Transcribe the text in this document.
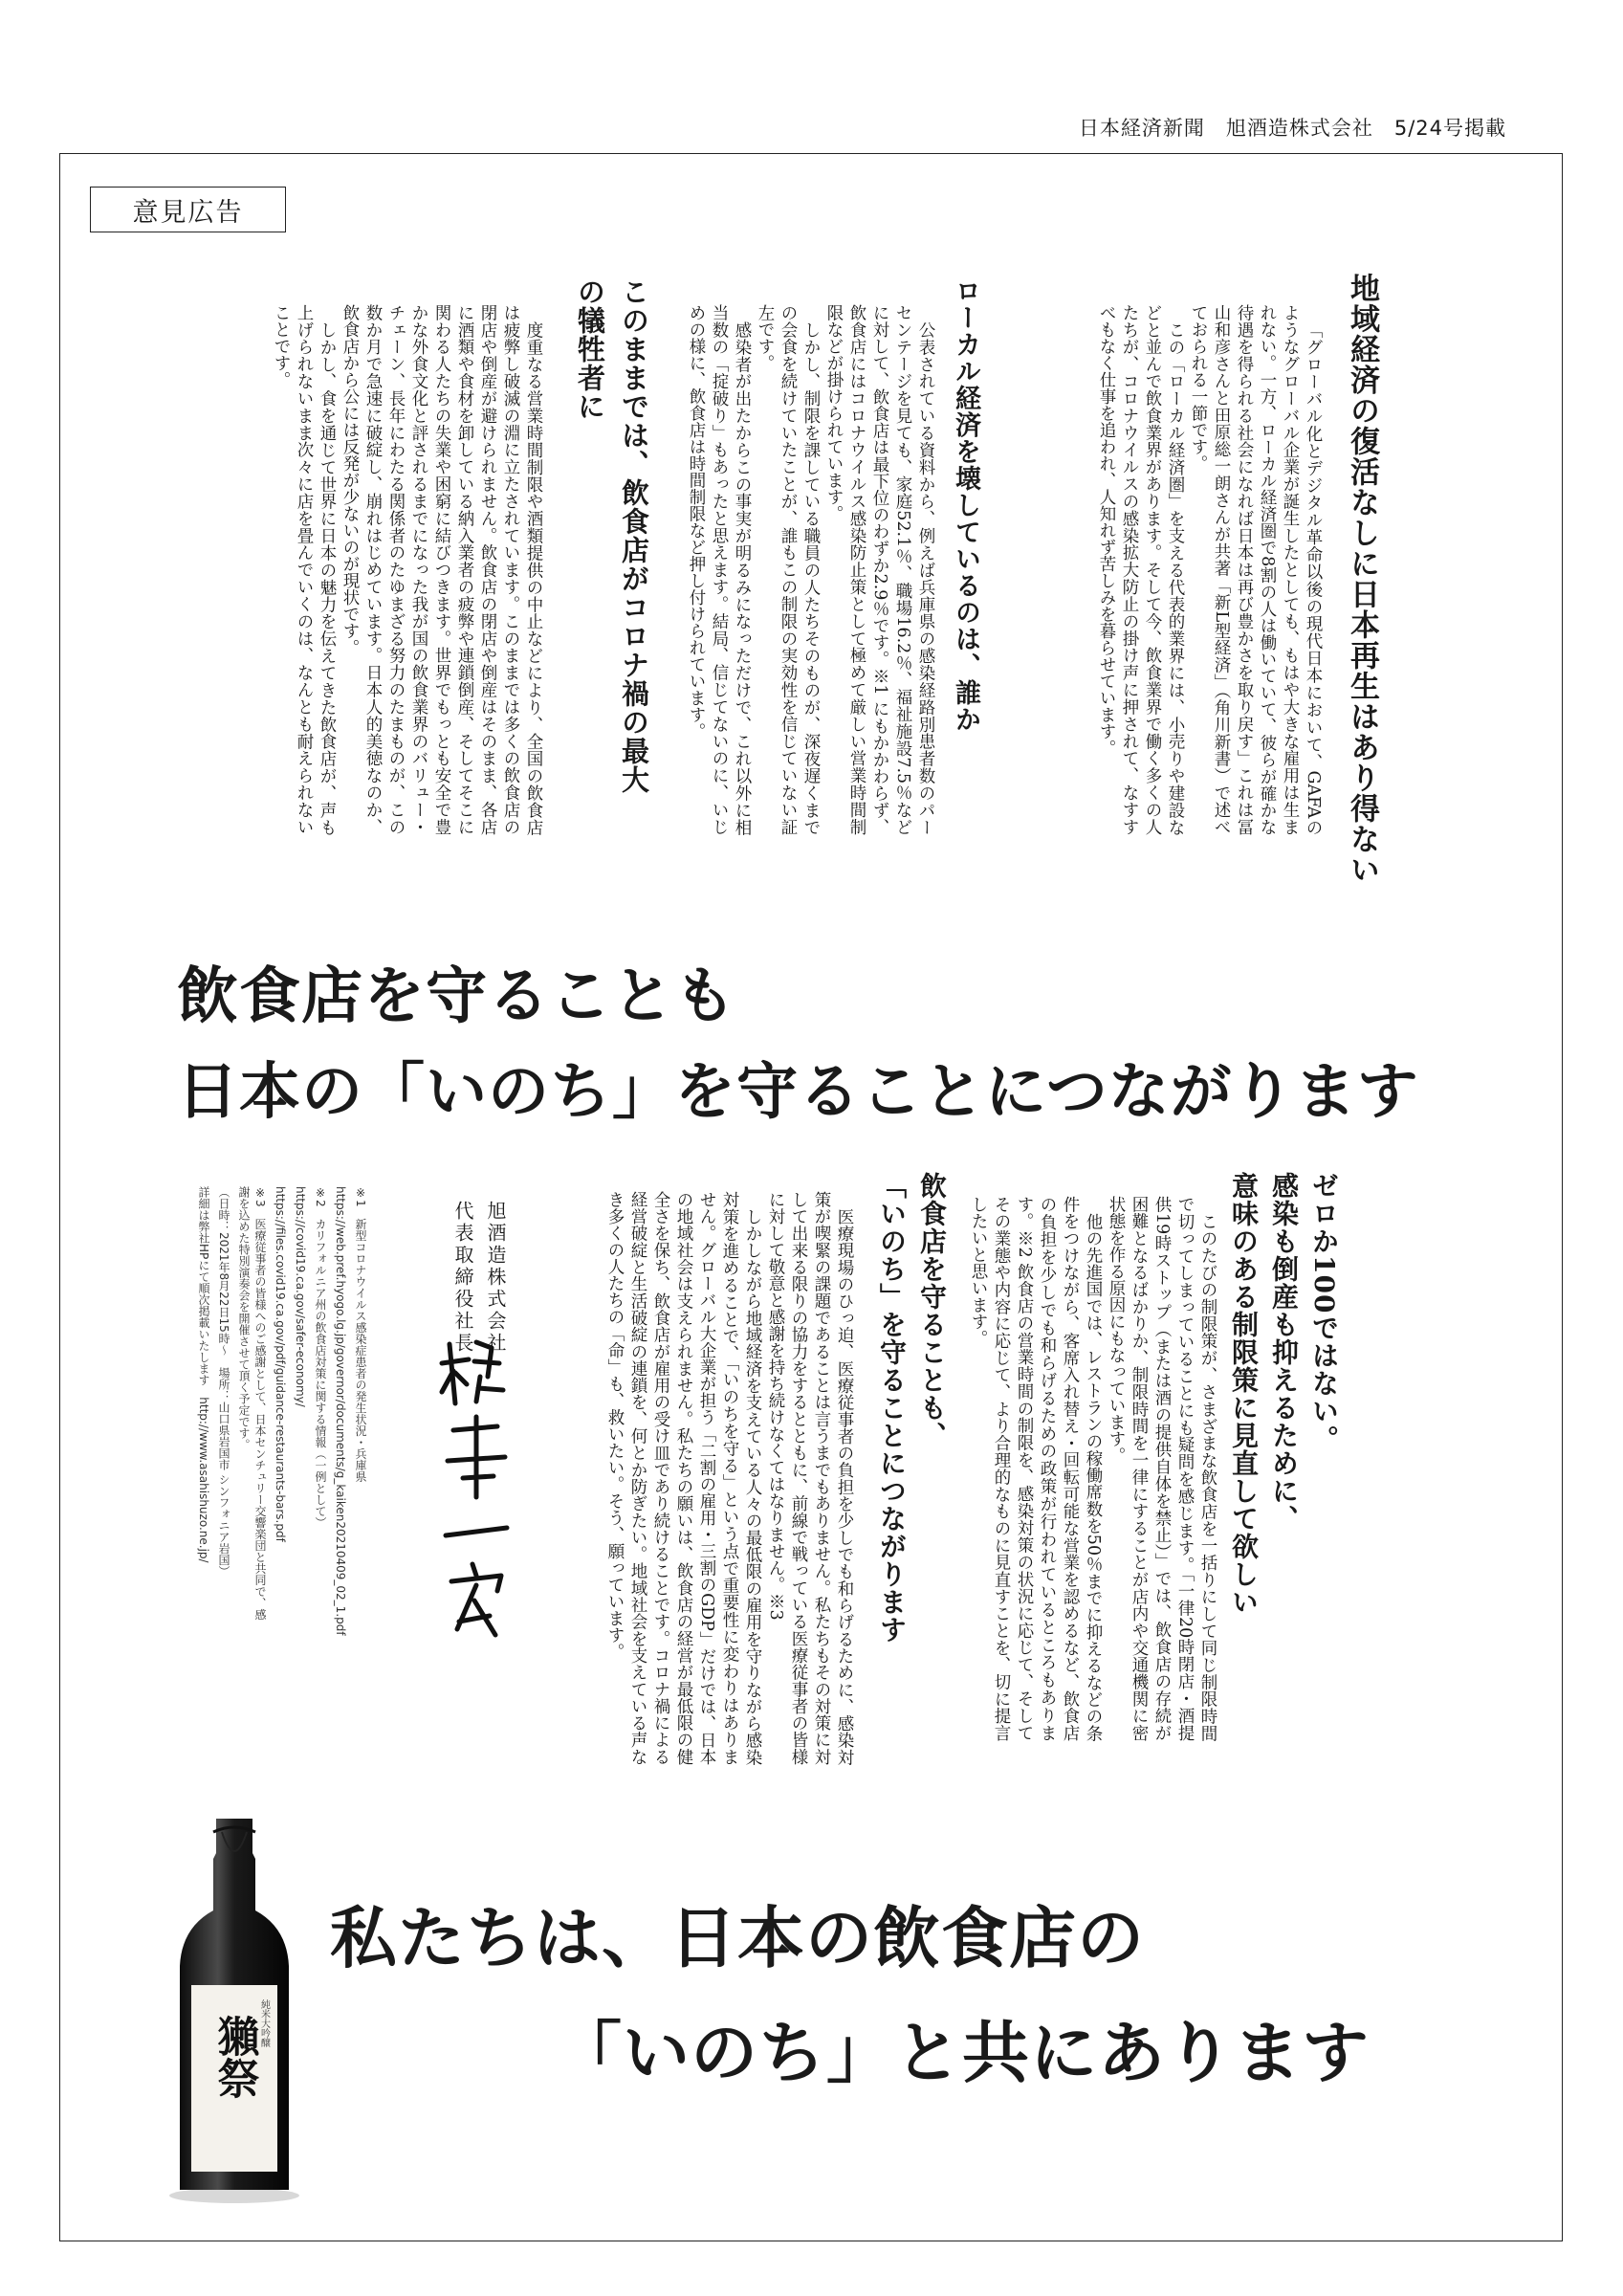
日本経済新聞　旭酒造株式会社　5/24号掲載
意見広告
地域経済の復活なしに日本再生はあり得ない

「グローバル化とデジタル革命以後の現代日本において、GAFAのようなグローバル企業が誕生したとしても、もはや大きな雇用は生まれない。一方、ローカル経済圏で8割の人は働いていて、彼らが確かな待遇を得られる社会になれば日本は再び豊かさを取り戻す」これは冨山和彦さんと田原総一朗さんが共著「新L型経済」（角川新書）で述べておられる一節です。

この「ローカル経済圏」を支える代表的業界には、小売りや建設などと並んで飲食業界があります。そして今、飲食業界で働く多くの人たちが、コロナウイルスの感染拡大防止の掛け声に押されて、なすすべもなく仕事を追われ、人知れず苦しみを暮らせています。

ローカル経済を壊しているのは、誰か

公表されている資料から、例えば兵庫県の感染経路別患者数のパーセンテージを見ても、家庭52.1％、職場16.2％、福祉施設7.5％などに対して、飲食店は最下位のわずか2.9％です。※1 にもかかわらず、飲食店にはコロナウイルス感染防止策として極めて厳しい営業時間制限などが掛けられています。

しかし、制限を課している職員の人たちそのものが、深夜遅くまでの会食を続けていたことが、誰もこの制限の実効性を信じていない証左です。

感染者が出たからこの事実が明るみになっただけで、これ以外に相当数の「掟破り」もあったと思えます。結局、信じてないのに、いじめの様に、飲食店は時間制限など押し付けられています。

このままでは、飲食店がコロナ禍の最大の犠牲者に

度重なる営業時間制限や酒類提供の中止などにより、全国の飲食店は疲弊し破滅の淵に立たされています。このままでは多くの飲食店の閉店や倒産が避けられません。飲食店の閉店や倒産はそのまま、各店に酒類や食材を卸している納入業者の疲弊や連鎖倒産、そしてそこに関わる人たちの失業や困窮に結びつきます。世界でもっとも安全で豊かな外食文化と評されるまでになった我が国の飲食業界のバリュー・チェーン、長年にわたる関係者のたゆまざる努力のたまものが、この数か月で急速に破綻し、崩れはじめています。日本人的美徳なのか、飲食店から公には反発が少ないのが現状です。

しかし、食を通じて世界に日本の魅力を伝えてきた飲食店が、声も上げられないまま次々に店を畳んでいくのは、なんとも耐えられないことです。

飲食店を守ることも
日本の「いのち」を守ることにつながります
ゼロか100ではない。
感染も倒産も抑えるために、
意味のある制限策に見直して欲しい

このたびの制限策が、さまざまな飲食店を一括りにして同じ制限時間で切ってしまっていることにも疑問を感じます。「一律20時閉店・酒提供19時ストップ（または酒の提供自体を禁止）」では、飲食店の存続が困難となるばかりか、制限時間を一律にすることが店内や交通機関に密状態を作る原因にもなっています。

他の先進国では、レストランの稼働席数を50％までに抑えるなどの条件をつけながら、客席入れ替え・回転可能な営業を認めるなど、飲食店の負担を少しでも和らげるための政策が行われているところもあります。※2 飲食店の営業時間の制限を、感染対策の状況に応じて、そしてその業態や内容に応じて、より合理的なものに見直すことを、切に提言したいと思います。

飲食店を守ることも、
「いのち」を守ることにつながります

医療現場のひっ迫、医療従事者の負担を少しでも和らげるために、感染対策が喫緊の課題であることは言うまでもありません。私たちもその対策に対して出来る限りの協力をするとともに、前線で戦っている医療従事者の皆様に対して敬意と感謝を持ち続けなくてはなりません。※3

しかしながら地域経済を支えている人々の最低限の雇用を守りながら感染対策を進めることで、「いのちを守る」という点で重要性に変わりはありません。グローバル大企業が担う「二割の雇用・三割のGDP」だけでは、日本の地域社会は支えられません。私たちの願いは、飲食店の経営が最低限の健全さを保ち、飲食店が雇用の受け皿であり続けることです。コロナ禍による経営破綻と生活破綻の連鎖を、何とか防ぎたい。地域社会を支えている声なき多くの人たちの「命」も、救いたい。そう、願っています。

旭酒造株式会社
代表取締役社長

※1　新型コロナウイルス感染症患者の発生状況・兵庫県

https://web.pref.hyogo.lg.jp/governor/documents/g_kaiken20210409_02_1.pdf

※2　カリフォルニア州の飲食店対策に関する情報（一例として）

https://covid19.ca.gov/safer-economy/

https://files.covid19.ca.gov/pdf/guidance-restaurants-bars.pdf

※3　医療従事者の皆様へのご感謝として、日本センチュリー交響楽団と共同で、感謝を込めた特別演奏会を開催させて頂く予定です。

（日時：2021年8月22日15時～　場所：山口県岩国市 シンフォニア岩国）

詳細は弊社HPにて順次掲載いたします　http://www.asahishuzo.ne.jp/

獺祭 純米大吟醸
私たちは、日本の飲食店の
「いのち」と共にあります
